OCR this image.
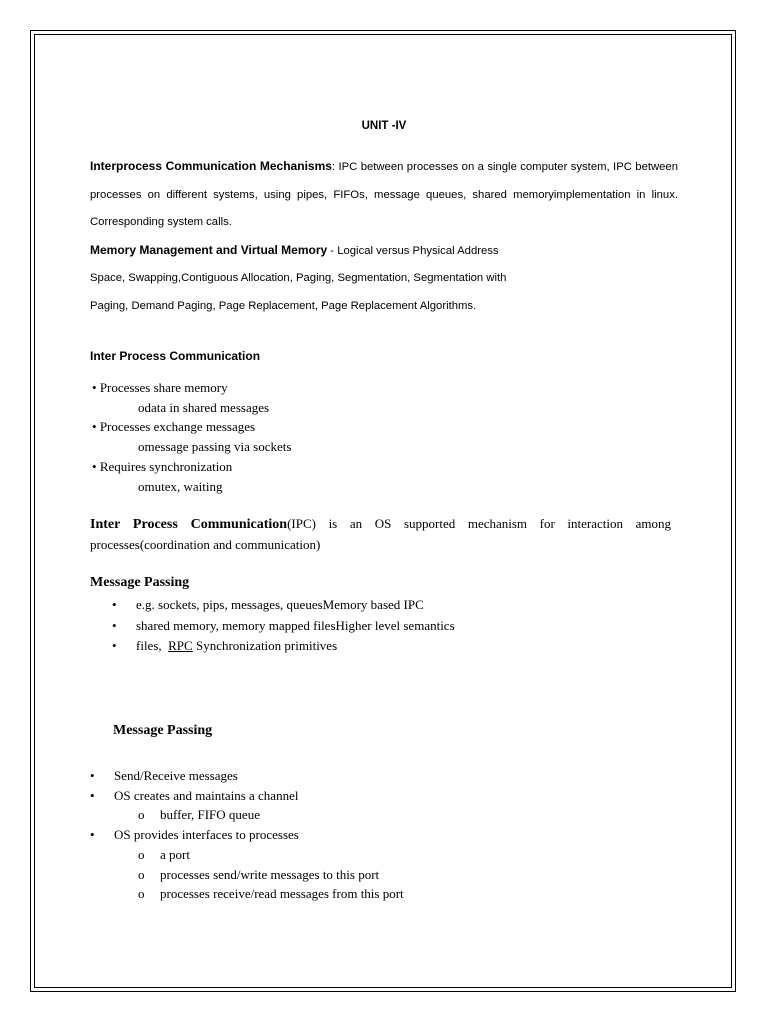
UNIT -IV

Interprocess Communication Mechanisms: IPC between processes on a single computer system, IPC between processes on different systems, using pipes, FIFOs, message queues, shared memoryimplementation in linux. Corresponding system calls.

Memory Management and Virtual Memory - Logical versus Physical Address

Space, Swapping,Contiguous Allocation, Paging, Segmentation, Segmentation with

Paging, Demand Paging, Page Replacement, Page Replacement Algorithms.

Inter Process Communication

• Processes share memory
odata in shared messages
• Processes exchange messages
omessage passing via sockets
• Requires synchronization
omutex, waiting

Inter Process Communication(IPC) is an OS supported mechanism for interaction among processes(coordination and communication)

Message Passing

•	e.g. sockets, pips, messages, queuesMemory based IPC
•	shared memory, memory mapped filesHigher level semantics
•	files, RPC Synchronization primitives

Message Passing

•	Send/Receive messages
•	OS creates and maintains a channel
o	buffer, FIFO queue
•	OS provides interfaces to processes
o	a port
o	processes send/write messages to this port
o	processes receive/read messages from this port
